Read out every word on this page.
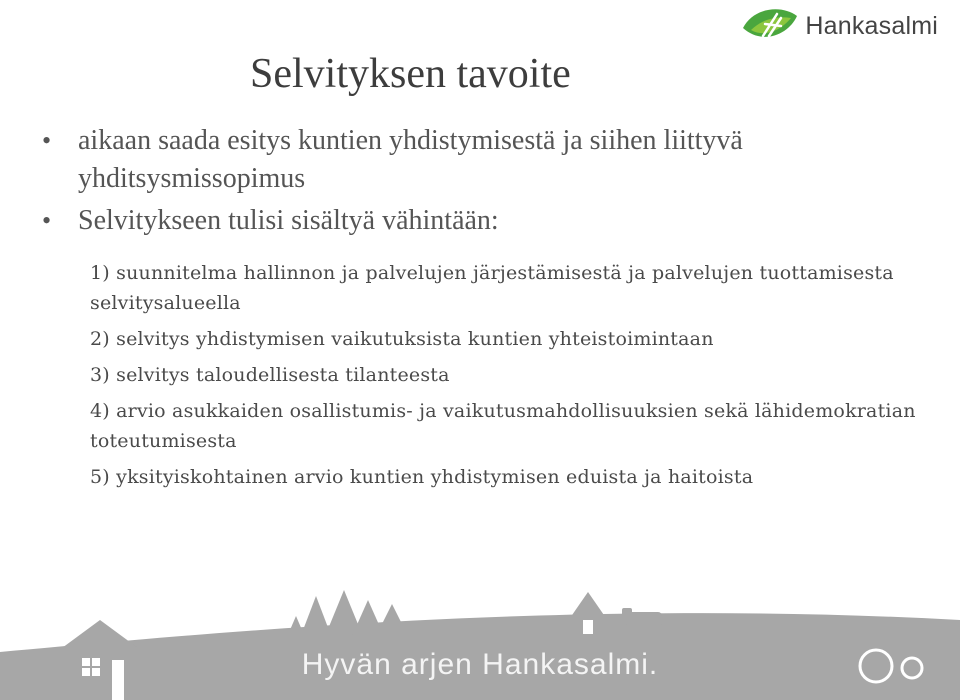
Hankasalmi
Selvityksen tavoite
• aikaan saada esitys kuntien yhdistymisestä ja siihen liittyvä yhditsysmissopimus
• Selvitykseen tulisi sisältyä vähintään:
1) suunnitelma hallinnon ja palvelujen järjestämisestä ja palvelujen tuottamisesta selvitysalueella
2) selvitys yhdistymisen vaikutuksista kuntien yhteistoimintaan
3) selvitys taloudellisesta tilanteesta
4) arvio asukkaiden osallistumis- ja vaikutusmahdollisuuksien sekä lähidemokratian toteutumisesta
5) yksityiskohtainen arvio kuntien yhdistymisen eduista ja haitoista
Hyvän arjen Hankasalmi.
